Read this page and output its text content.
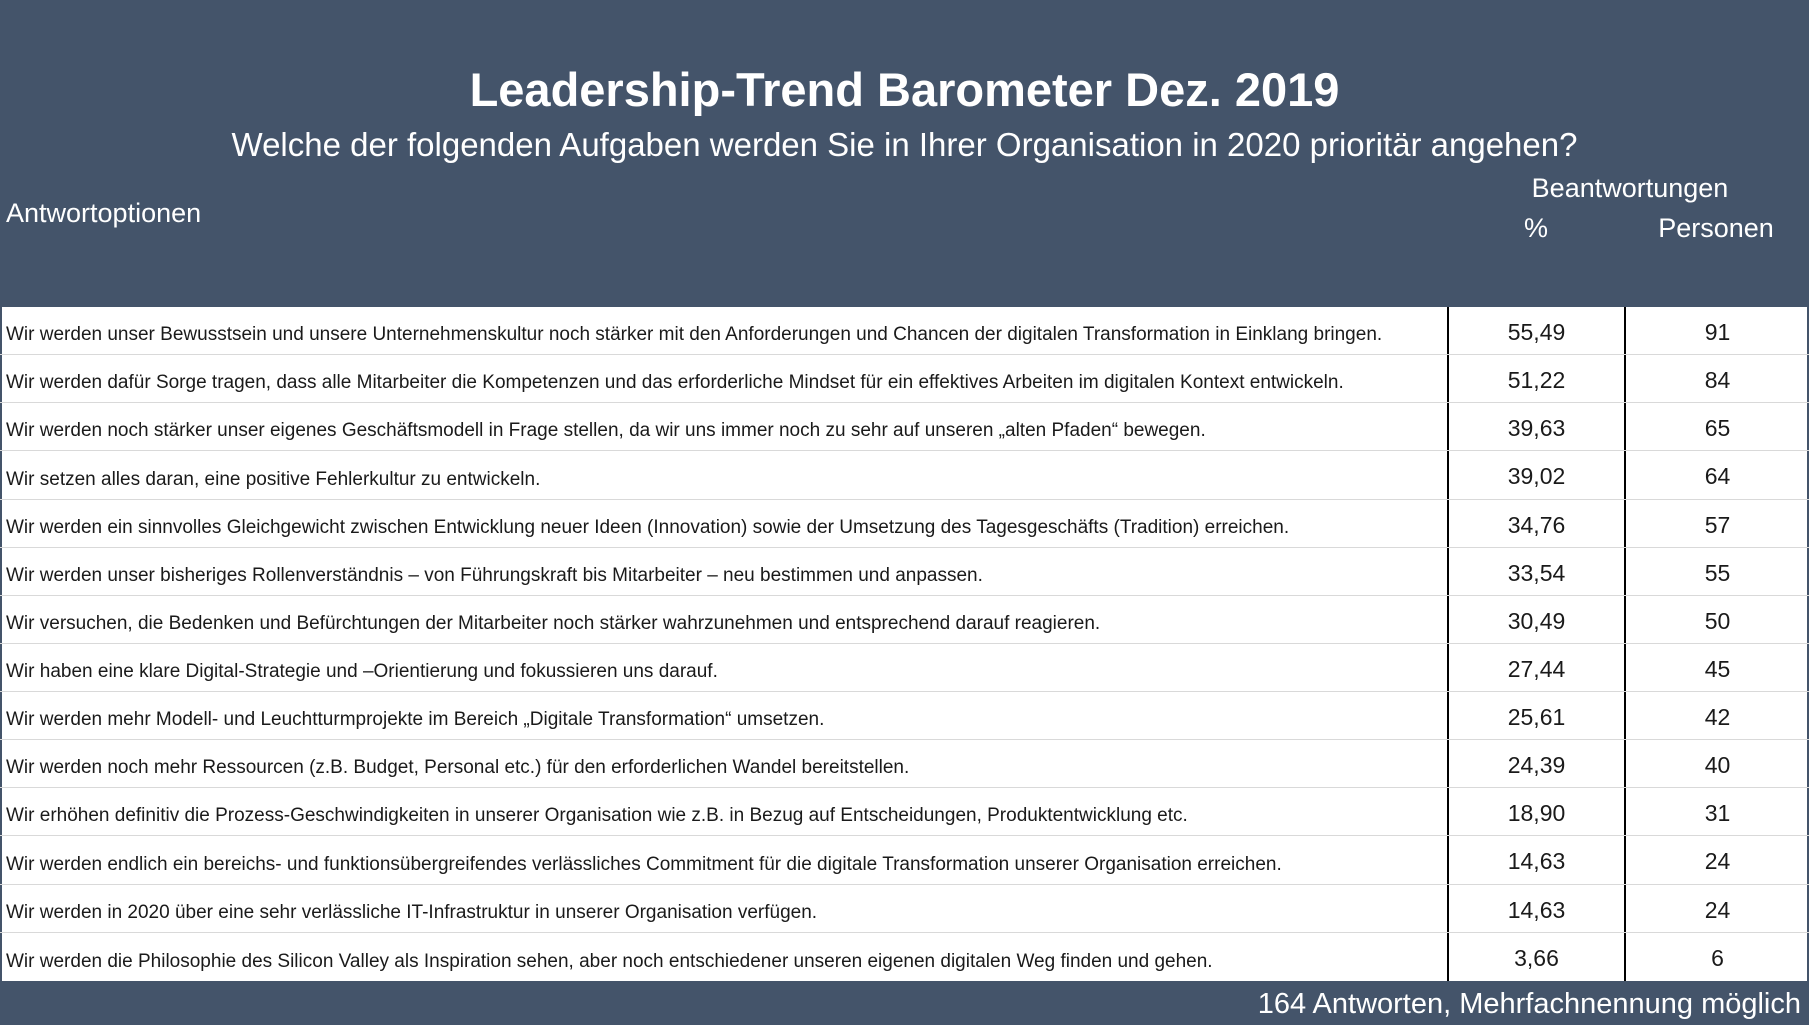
Leadership-Trend Barometer Dez. 2019
Welche der folgenden Aufgaben werden Sie in Ihrer Organisation in 2020 prioritär angehen?
Antwortoptionen
Beantwortungen
%	Personen
Wir werden unser Bewusstsein und unsere Unternehmenskultur noch stärker mit den Anforderungen und Chancen der digitalen Transformation in Einklang bringen.	55,49	91
Wir werden dafür Sorge tragen, dass alle Mitarbeiter die Kompetenzen und das erforderliche Mindset für ein effektives Arbeiten im digitalen Kontext entwickeln.	51,22	84
Wir werden noch stärker unser eigenes Geschäftsmodell in Frage stellen, da wir uns immer noch zu sehr auf unseren „alten Pfaden“ bewegen.	39,63	65
Wir setzen alles daran, eine positive Fehlerkultur zu entwickeln.	39,02	64
Wir werden ein sinnvolles Gleichgewicht zwischen Entwicklung neuer Ideen (Innovation) sowie der Umsetzung des Tagesgeschäfts (Tradition) erreichen.	34,76	57
Wir werden unser bisheriges Rollenverständnis – von Führungskraft bis Mitarbeiter – neu bestimmen und anpassen.	33,54	55
Wir versuchen, die Bedenken und Befürchtungen der Mitarbeiter noch stärker wahrzunehmen und entsprechend darauf reagieren.	30,49	50
Wir haben eine klare Digital-Strategie und –Orientierung und fokussieren uns darauf.	27,44	45
Wir werden mehr Modell- und Leuchtturmprojekte im Bereich „Digitale Transformation“ umsetzen.	25,61	42
Wir werden noch mehr Ressourcen (z.B. Budget, Personal etc.) für den erforderlichen Wandel bereitstellen.	24,39	40
Wir erhöhen definitiv die Prozess-Geschwindigkeiten in unserer Organisation wie z.B. in Bezug auf Entscheidungen, Produktentwicklung etc.	18,90	31
Wir werden endlich ein bereichs- und funktionsübergreifendes verlässliches Commitment für die digitale Transformation unserer Organisation erreichen.	14,63	24
Wir werden in 2020 über eine sehr verlässliche IT-Infrastruktur in unserer Organisation verfügen.	14,63	24
Wir werden die Philosophie des Silicon Valley als Inspiration sehen, aber noch entschiedener unseren eigenen digitalen Weg finden und gehen.	3,66	6
164 Antworten, Mehrfachnennung möglich
